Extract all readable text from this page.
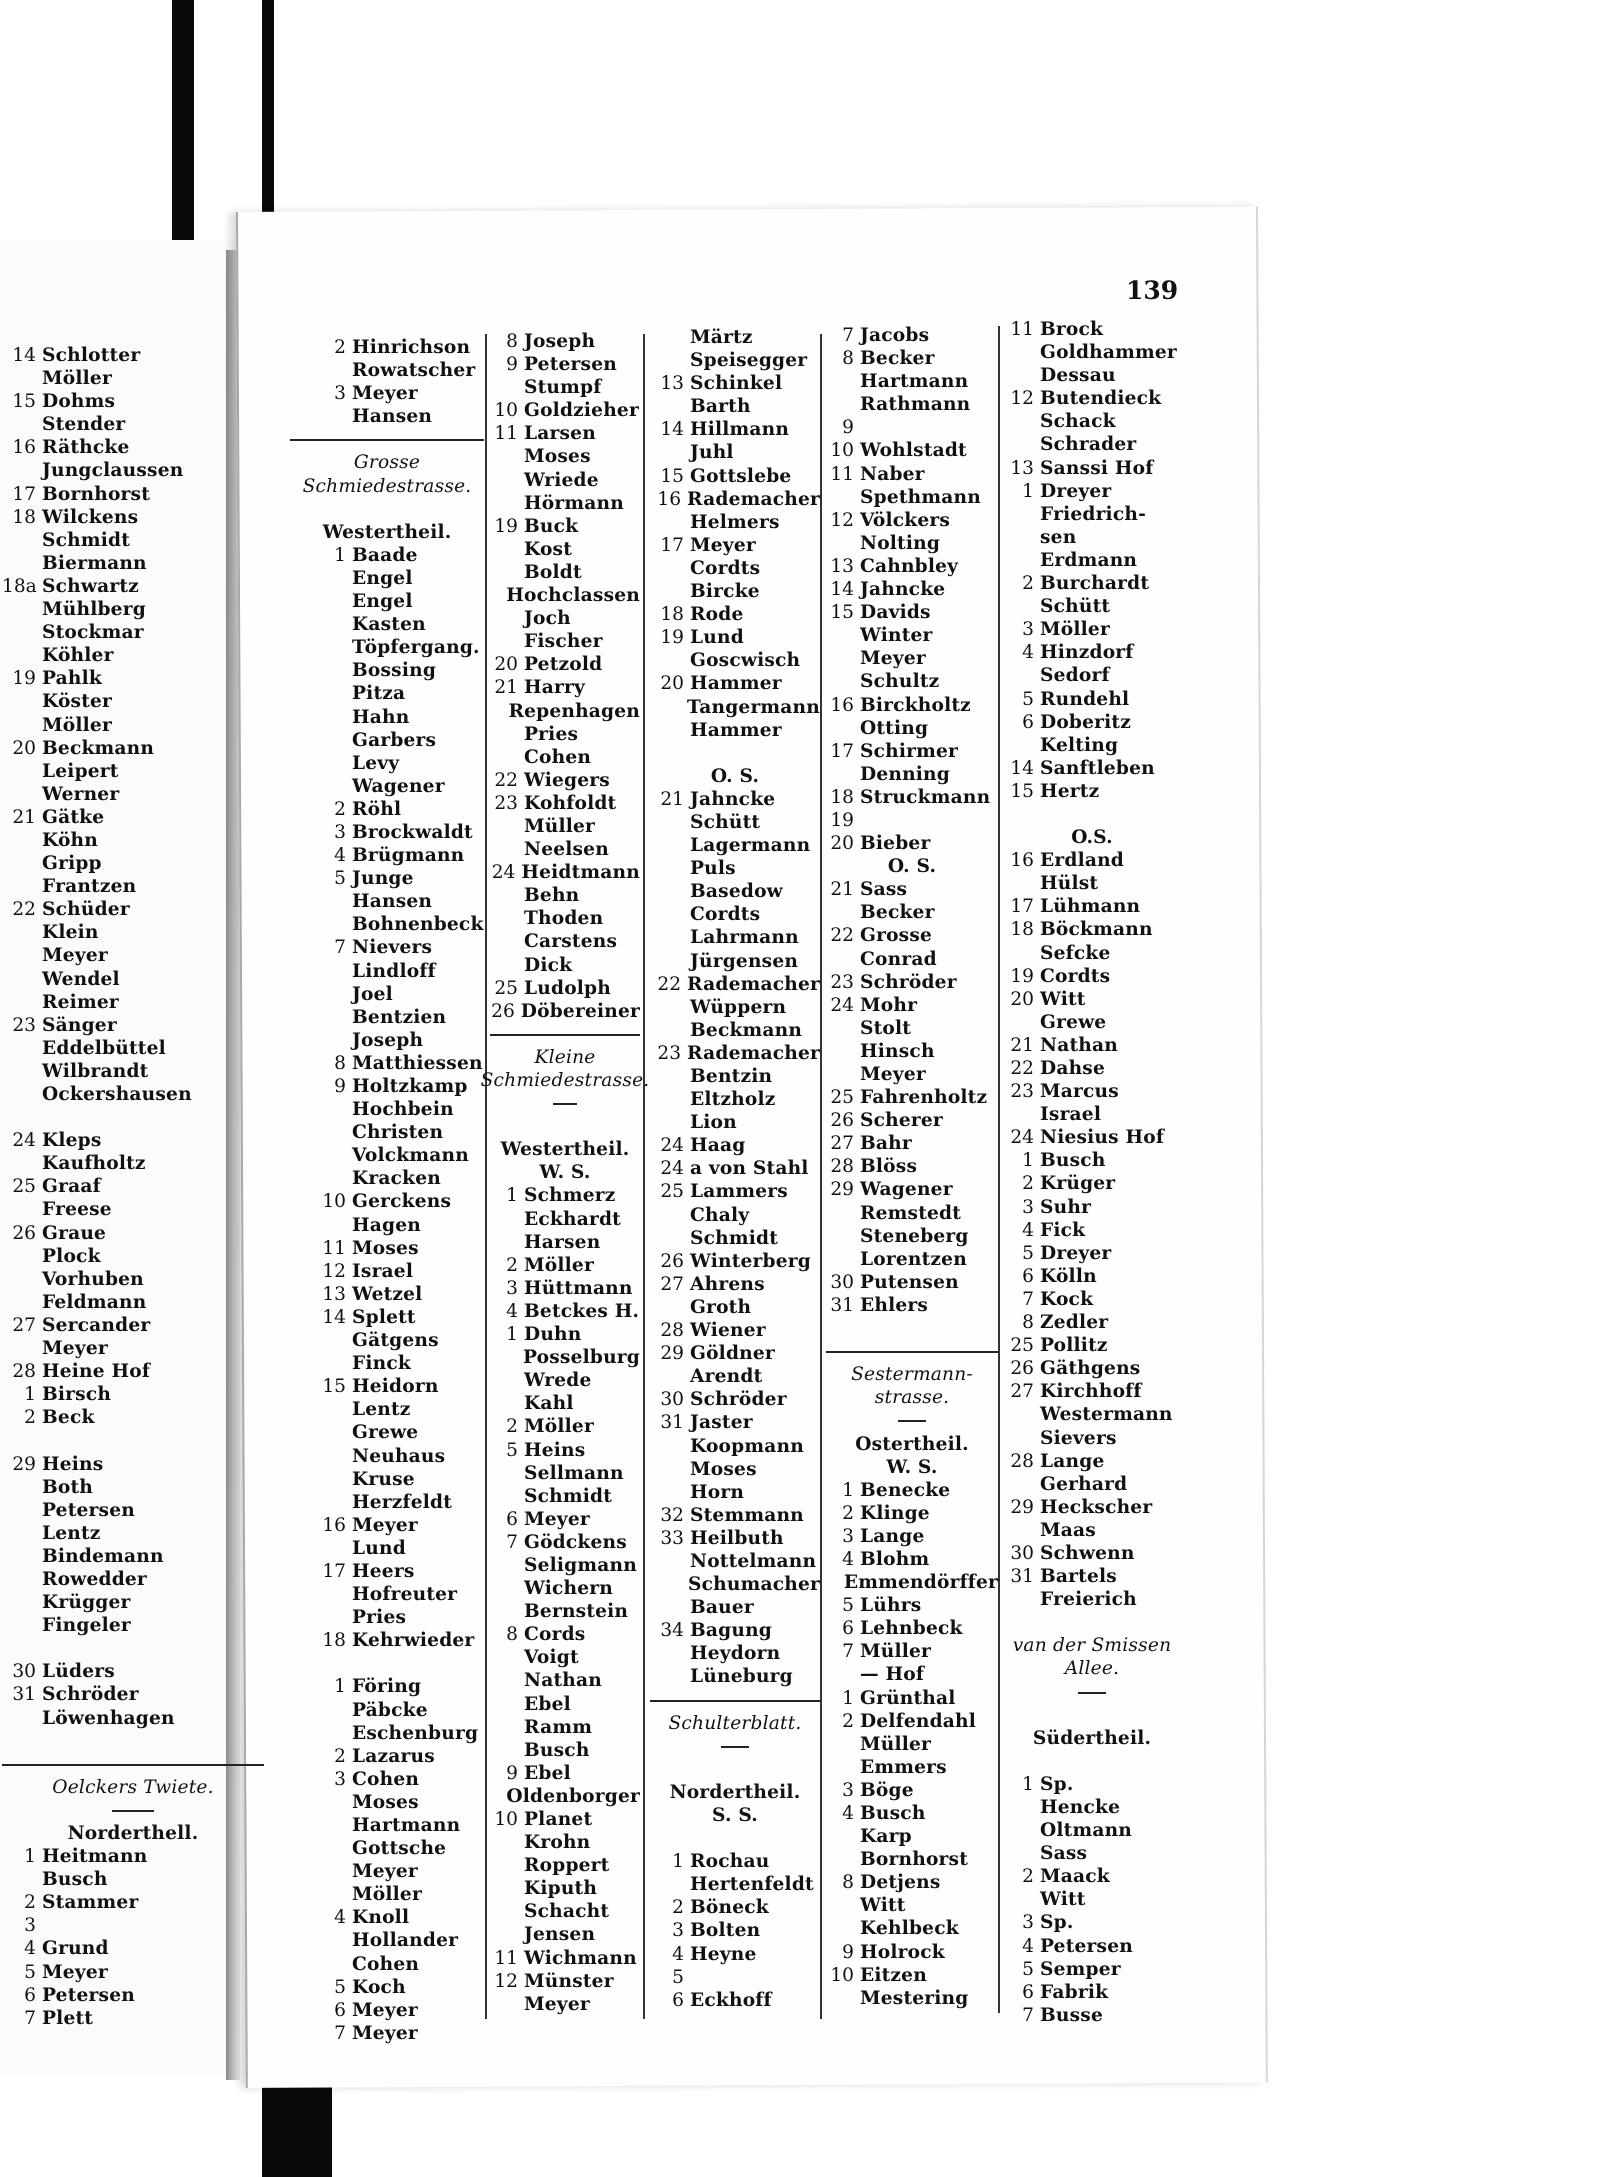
139
14 Schlotter
Möller
15 Dohms
Stender
16 Räthcke
Jungclaussen
17 Bornhorst
18 Wilckens
Schmidt
Biermann
18a Schwartz
Mühlberg
Stockmar
Köhler
19 Pahlk
Köster
Möller
20 Beckmann
Leipert
Werner
21 Gätke
Köhn
Gripp
Frantzen
22 Schüder
Klein
Meyer
Wendel
Reimer
23 Sänger
Eddelbüttel
Wilbrandt
Ockershausen
24 Kleps
Kaufholtz
25 Graaf
Freese
26 Graue
Plock
Vorhuben
Feldmann
27 Sercander
Meyer
28 Heine Hof
1 Birsch
2 Beck
29 Heins
Both
Petersen
Lentz
Bindemann
Rowedder
Krügger
Fingeler
30 Lüders
31 Schröder
Löwenhagen
Oelckers Twiete.
Norderthell.
1 Heitmann
Busch
2 Stammer
3
4 Grund
5 Meyer
6 Petersen
7 Plett
2 Hinrichson
Rowatscher
3 Meyer
Hansen
Grosse
Schmiedestrasse.
Westertheil.
1 Baade
Engel
Engel
Kasten
Töpfergang.
Bossing
Pitza
Hahn
Garbers
Levy
Wagener
2 Röhl
3 Brockwaldt
4 Brügmann
5 Junge
Hansen
Bohnenbeck
7 Nievers
Lindloff
Joel
Bentzien
Joseph
8 Matthiessen
9 Holtzkamp
Hochbein
Christen
Volckmann
Kracken
10 Gerckens
Hagen
11 Moses
12 Israel
13 Wetzel
14 Splett
Gätgens
Finck
15 Heidorn
Lentz
Grewe
Neuhaus
Kruse
Herzfeldt
16 Meyer
Lund
17 Heers
Hofreuter
Pries
18 Kehrwieder
1 Föring
Päbcke
Eschenburg
2 Lazarus
3 Cohen
Moses
Hartmann
Gottsche
Meyer
Möller
4 Knoll
Hollander
Cohen
5 Koch
6 Meyer
7 Meyer
8 Joseph
9 Petersen
Stumpf
10 Goldzieher
11 Larsen
Moses
Wriede
Hörmann
19 Buck
Kost
Boldt
Hochclassen
Joch
Fischer
20 Petzold
21 Harry
Repenhagen
Pries
Cohen
22 Wiegers
23 Kohfoldt
Müller
Neelsen
24 Heidtmann
Behn
Thoden
Carstens
Dick
25 Ludolph
26 Döbereiner
Kleine
Schmiedestrasse.
Westertheil.
W. S.
1 Schmerz
Eckhardt
Harsen
2 Möller
3 Hüttmann
4 Betckes H.
1 Duhn
Posselburg
Wrede
Kahl
2 Möller
5 Heins
Sellmann
Schmidt
6 Meyer
7 Gödckens
Seligmann
Wichern
Bernstein
8 Cords
Voigt
Nathan
Ebel
Ramm
Busch
9 Ebel
Oldenborger
10 Planet
Krohn
Roppert
Kiputh
Schacht
Jensen
11 Wichmann
12 Münster
Meyer
Märtz
Speisegger
13 Schinkel
Barth
14 Hillmann
Juhl
15 Gottslebe
16 Rademacher
Helmers
17 Meyer
Cordts
Bircke
18 Rode
19 Lund
Goscwisch
20 Hammer
Tangermann
Hammer
O. S.
21 Jahncke
Schütt
Lagermann
Puls
Basedow
Cordts
Lahrmann
Jürgensen
22 Rademacher
Wüppern
Beckmann
23 Rademacher
Bentzin
Eltzholz
Lion
24 Haag
24 a von Stahl
25 Lammers
Chaly
Schmidt
26 Winterberg
27 Ahrens
Groth
28 Wiener
29 Göldner
Arendt
30 Schröder
31 Jaster
Koopmann
Moses
Horn
32 Stemmann
33 Heilbuth
Nottelmann
Schumacher
Bauer
34 Bagung
Heydorn
Lüneburg
Schulterblatt.
Nordertheil.
S. S.
1 Rochau
Hertenfeldt
2 Böneck
3 Bolten
4 Heyne
5
6 Eckhoff
7 Jacobs
8 Becker
Hartmann
Rathmann
9
10 Wohlstadt
11 Naber
Spethmann
12 Völckers
Nolting
13 Cahnbley
14 Jahncke
15 Davids
Winter
Meyer
Schultz
16 Birckholtz
Otting
17 Schirmer
Denning
18 Struckmann
19
20 Bieber
O. S.
21 Sass
Becker
22 Grosse
Conrad
23 Schröder
24 Mohr
Stolt
Hinsch
Meyer
25 Fahrenholtz
26 Scherer
27 Bahr
28 Blöss
29 Wagener
Remstedt
Steneberg
Lorentzen
30 Putensen
31 Ehlers
Sestermann-
strasse.
Ostertheil.
W. S.
1 Benecke
2 Klinge
3 Lange
4 Blohm
Emmendörffer
5 Lührs
6 Lehnbeck
7 Müller
— Hof
1 Grünthal
2 Delfendahl
Müller
Emmers
3 Böge
4 Busch
Karp
Bornhorst
8 Detjens
Witt
Kehlbeck
9 Holrock
10 Eitzen
Mestering
11 Brock
Goldhammer
Dessau
12 Butendieck
Schack
Schrader
13 Sanssi Hof
1 Dreyer
Friedrich-
sen
Erdmann
2 Burchardt
Schütt
3 Möller
4 Hinzdorf
Sedorf
5 Rundehl
6 Doberitz
Kelting
14 Sanftleben
15 Hertz
O.S.
16 Erdland
Hülst
17 Lühmann
18 Böckmann
Sefcke
19 Cordts
20 Witt
Grewe
21 Nathan
22 Dahse
23 Marcus
Israel
24 Niesius Hof
1 Busch
2 Krüger
3 Suhr
4 Fick
5 Dreyer
6 Kölln
7 Kock
8 Zedler
25 Pollitz
26 Gäthgens
27 Kirchhoff
Westermann
Sievers
28 Lange
Gerhard
29 Heckscher
Maas
30 Schwenn
31 Bartels
Freierich
van der Smissen
Allee.
Südertheil.
1 Sp.
Hencke
Oltmann
Sass
2 Maack
Witt
3 Sp.
4 Petersen
5 Semper
6 Fabrik
7 Busse
